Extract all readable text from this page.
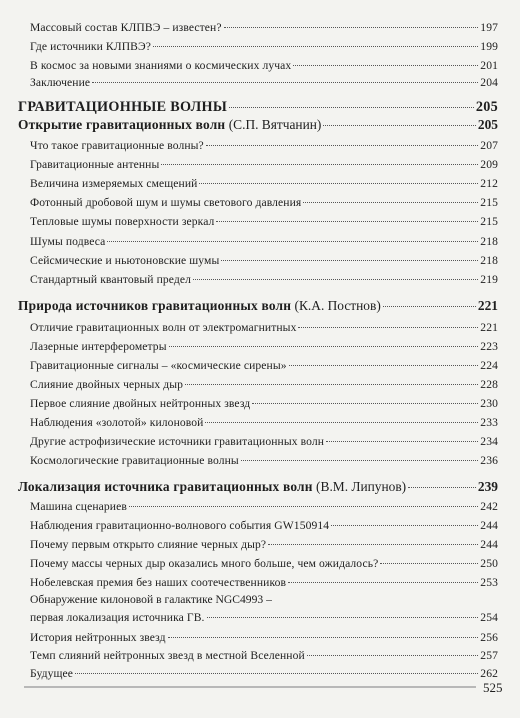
Массовый состав КЛПВЭ – известен?	197
Где источники КЛПВЭ?	199
В космос за новыми знаниями о космических лучах	201
Заключение	204
ГРАВИТАЦИОННЫЕ ВОЛНЫ	205
Открытие гравитационных волн (С.П. Вятчанин)	205
Что такое гравитационные волны?	207
Гравитационные антенны	209
Величина измеряемых смещений	212
Фотонный дробовой шум и шумы светового давления	215
Тепловые шумы поверхности зеркал	215
Шумы подвеса	218
Сейсмические и ньютоновские шумы	218
Стандартный квантовый предел	219
Природа источников гравитационных волн (К.А. Постнов)	221
Отличие гравитационных волн от электромагнитных	221
Лазерные интерферометры	223
Гравитационные сигналы – «космические сирены»	224
Слияние двойных черных дыр	228
Первое слияние двойных нейтронных звезд	230
Наблюдения «золотой» килоновой	233
Другие астрофизические источники гравитационных волн	234
Космологические гравитационные волны	236
Локализация источника гравитационных волн (В.М. Липунов)	239
Машина сценариев	242
Наблюдения гравитационно-волнового события GW150914	244
Почему первым открыто слияние черных дыр?	244
Почему массы черных дыр оказались много больше, чем ожидалось?	250
Нобелевская премия без наших соотечественников	253
Обнаружение килоновой в галактике NGC4993 –
первая локализация источника ГВ.	254
История нейтронных звезд	256
Темп слияний нейтронных звезд в местной Вселенной	257
Будущее	262
525
